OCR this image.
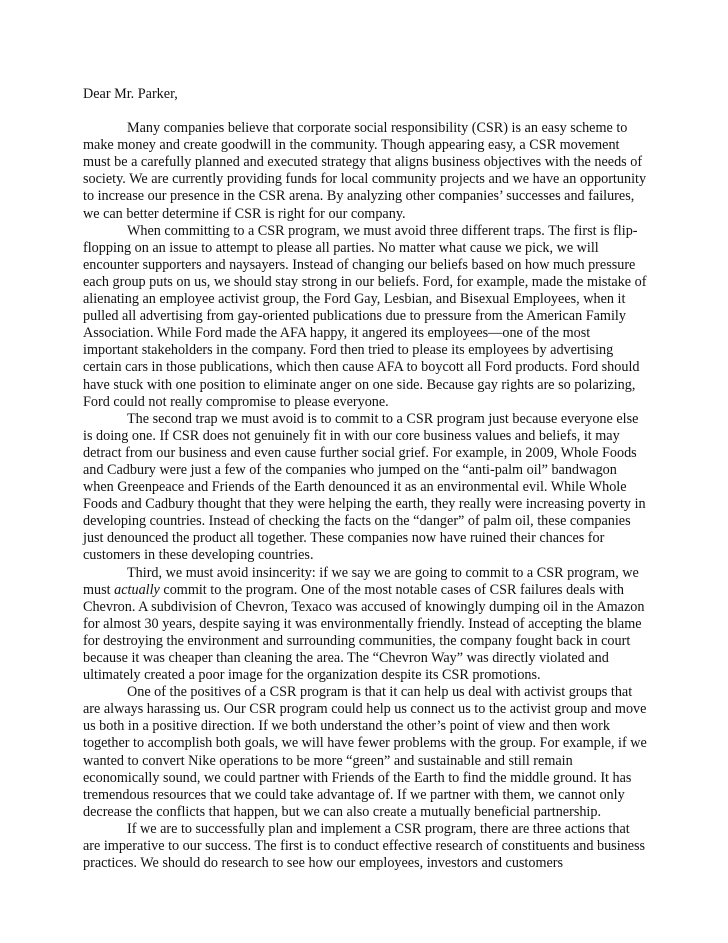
Dear Mr. Parker,

Many companies believe that corporate social responsibility (CSR) is an easy scheme to make money and create goodwill in the community. Though appearing easy, a CSR movement must be a carefully planned and executed strategy that aligns business objectives with the needs of society. We are currently providing funds for local community projects and we have an opportunity to increase our presence in the CSR arena. By analyzing other companies’ successes and failures, we can better determine if CSR is right for our company.

When committing to a CSR program, we must avoid three different traps. The first is flip-flopping on an issue to attempt to please all parties. No matter what cause we pick, we will encounter supporters and naysayers. Instead of changing our beliefs based on how much pressure each group puts on us, we should stay strong in our beliefs. Ford, for example, made the mistake of alienating an employee activist group, the Ford Gay, Lesbian, and Bisexual Employees, when it pulled all advertising from gay-oriented publications due to pressure from the American Family Association. While Ford made the AFA happy, it angered its employees—one of the most important stakeholders in the company. Ford then tried to please its employees by advertising certain cars in those publications, which then cause AFA to boycott all Ford products. Ford should have stuck with one position to eliminate anger on one side. Because gay rights are so polarizing, Ford could not really compromise to please everyone.

The second trap we must avoid is to commit to a CSR program just because everyone else is doing one. If CSR does not genuinely fit in with our core business values and beliefs, it may detract from our business and even cause further social grief. For example, in 2009, Whole Foods and Cadbury were just a few of the companies who jumped on the “anti-palm oil” bandwagon when Greenpeace and Friends of the Earth denounced it as an environmental evil. While Whole Foods and Cadbury thought that they were helping the earth, they really were increasing poverty in developing countries. Instead of checking the facts on the “danger” of palm oil, these companies just denounced the product all together. These companies now have ruined their chances for customers in these developing countries.

Third, we must avoid insincerity: if we say we are going to commit to a CSR program, we must actually commit to the program. One of the most notable cases of CSR failures deals with Chevron. A subdivision of Chevron, Texaco was accused of knowingly dumping oil in the Amazon for almost 30 years, despite saying it was environmentally friendly. Instead of accepting the blame for destroying the environment and surrounding communities, the company fought back in court because it was cheaper than cleaning the area. The “Chevron Way” was directly violated and ultimately created a poor image for the organization despite its CSR promotions.

One of the positives of a CSR program is that it can help us deal with activist groups that are always harassing us. Our CSR program could help us connect us to the activist group and move us both in a positive direction. If we both understand the other’s point of view and then work together to accomplish both goals, we will have fewer problems with the group. For example, if we wanted to convert Nike operations to be more “green” and sustainable and still remain economically sound, we could partner with Friends of the Earth to find the middle ground. It has tremendous resources that we could take advantage of. If we partner with them, we cannot only decrease the conflicts that happen, but we can also create a mutually beneficial partnership.

If we are to successfully plan and implement a CSR program, there are three actions that are imperative to our success. The first is to conduct effective research of constituents and business practices. We should do research to see how our employees, investors and customers
